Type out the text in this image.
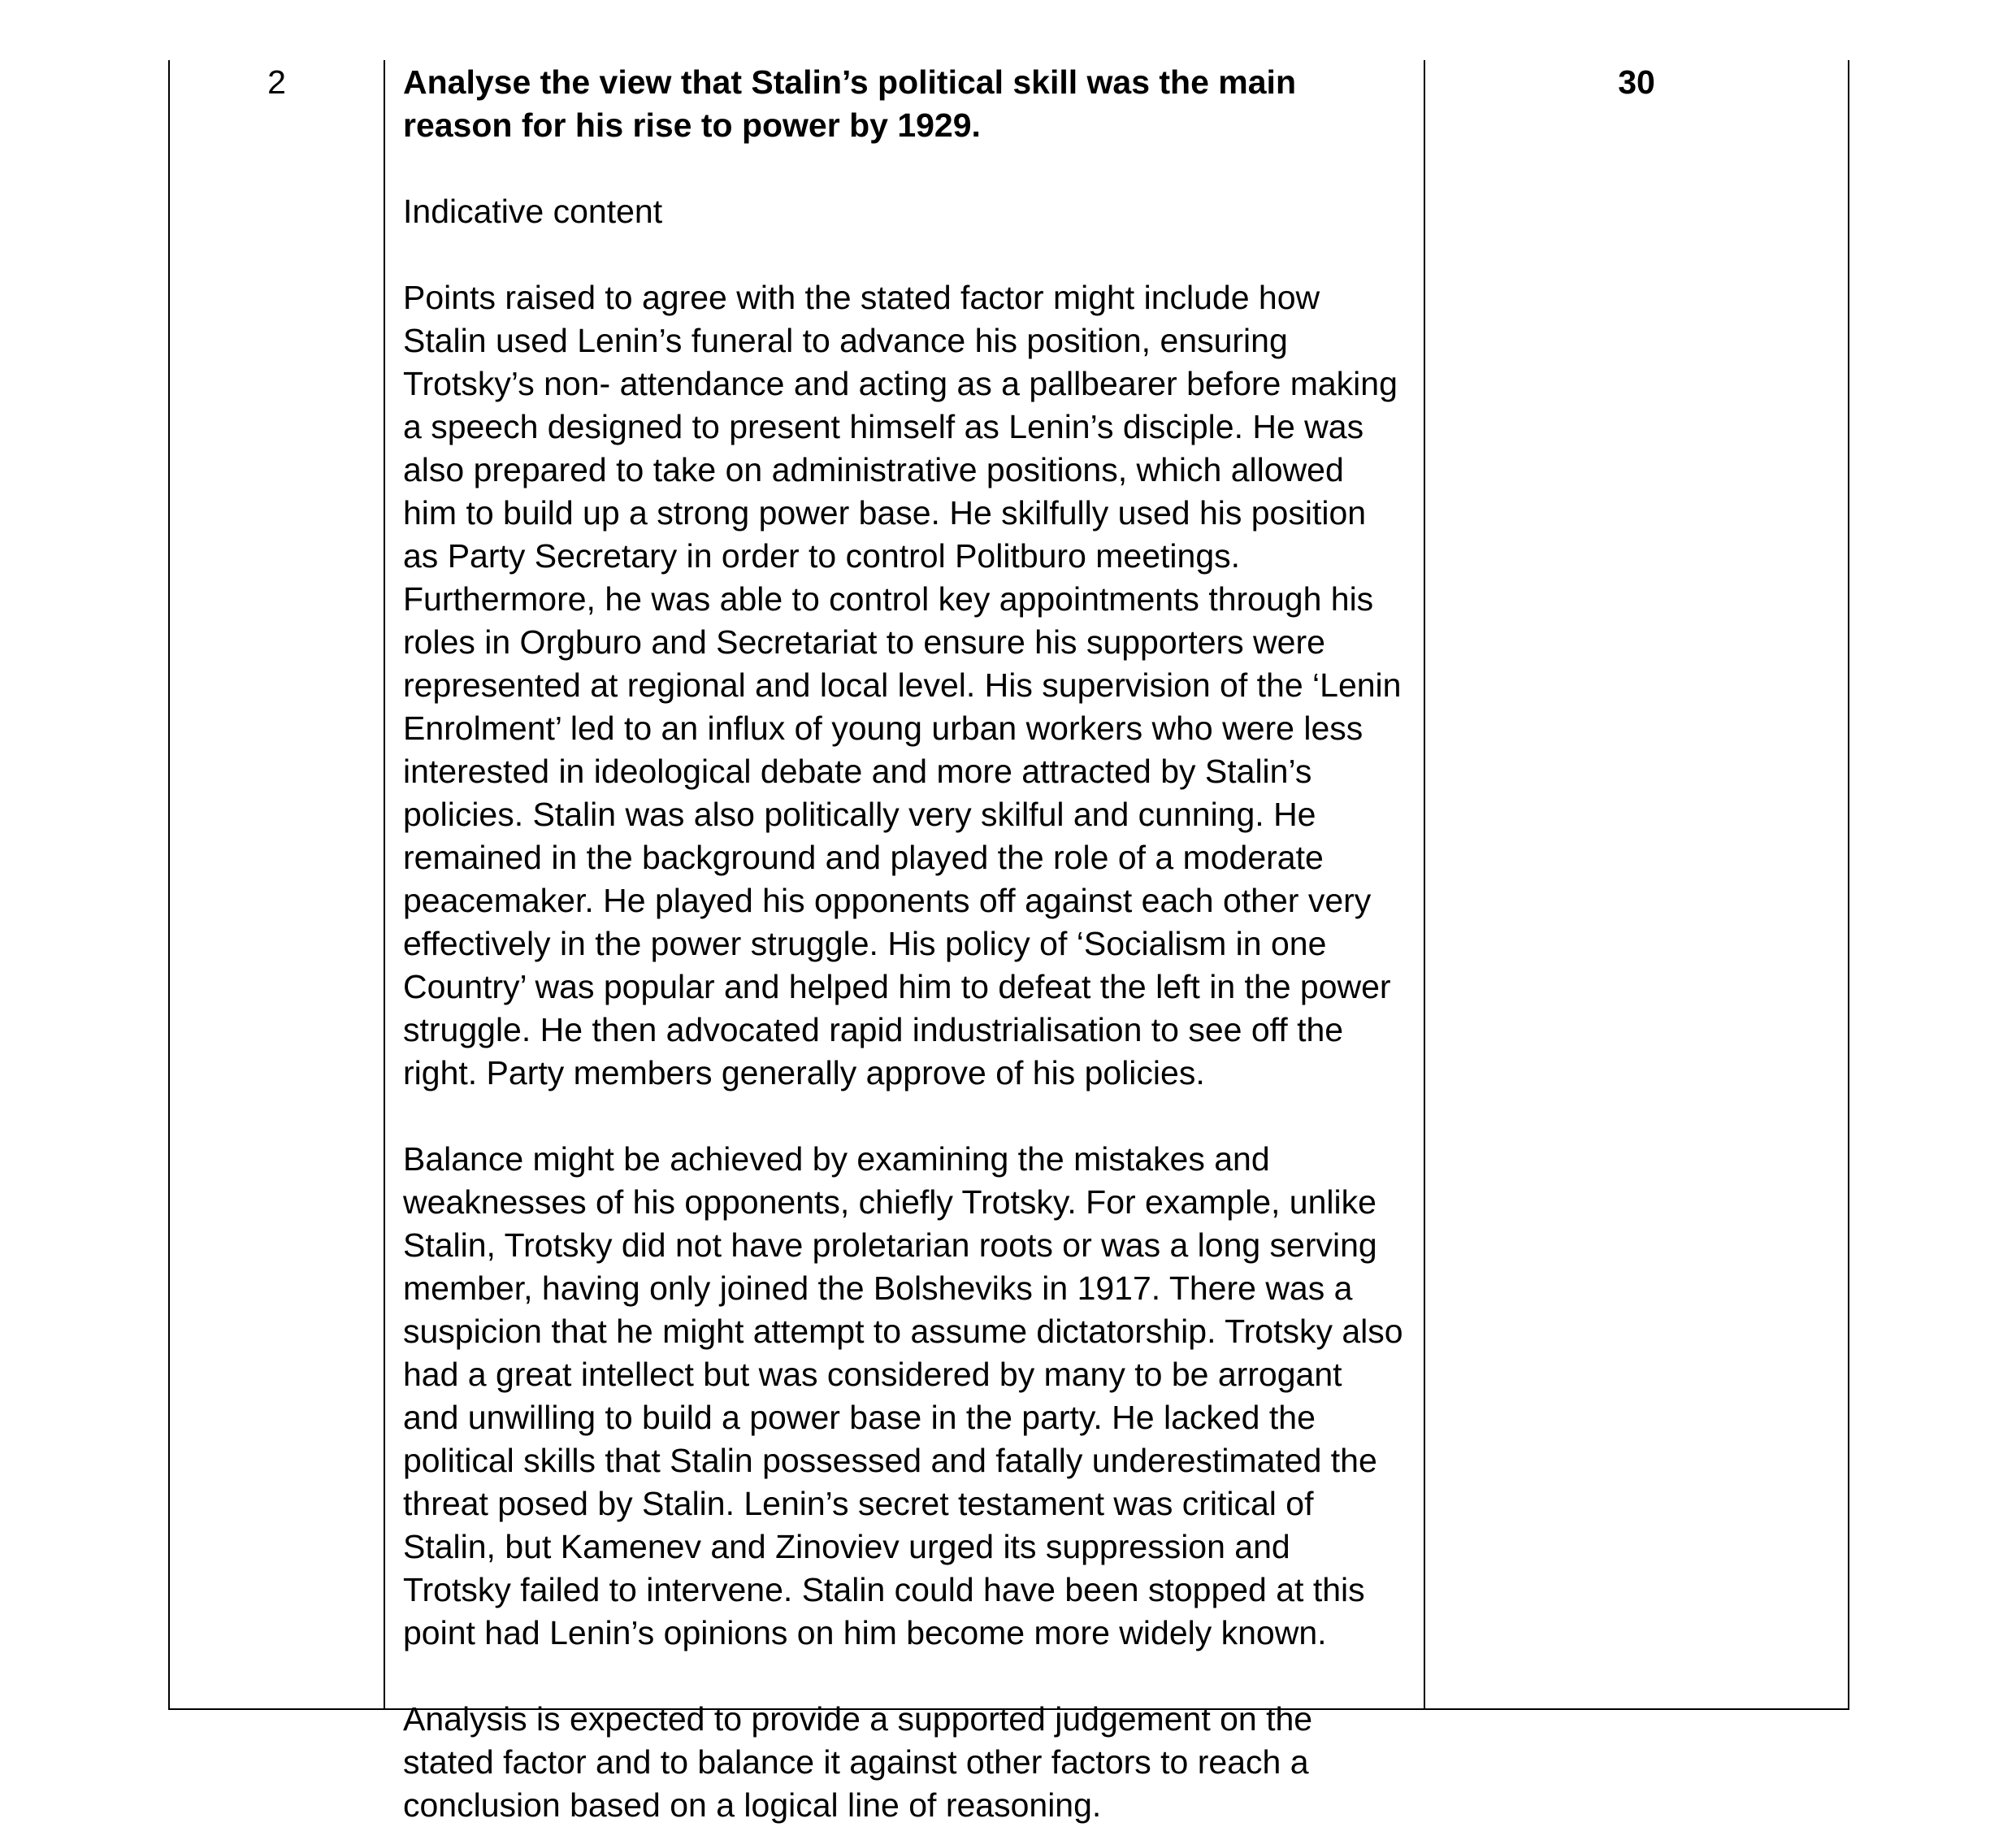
2	Analyse the view that Stalin’s political skill was the main reason for his rise to power by 1929.

Indicative content

Points raised to agree with the stated factor might include how Stalin used Lenin’s funeral to advance his position, ensuring Trotsky’s non- attendance and acting as a pallbearer before making a speech designed to present himself as Lenin’s disciple. He was also prepared to take on administrative positions, which allowed him to build up a strong power base. He skilfully used his position as Party Secretary in order to control Politburo meetings. Furthermore, he was able to control key appointments through his roles in Orgburo and Secretariat to ensure his supporters were represented at regional and local level. His supervision of the ‘Lenin Enrolment’ led to an influx of young urban workers who were less interested in ideological debate and more attracted by Stalin’s policies. Stalin was also politically very skilful and cunning. He remained in the background and played the role of a moderate peacemaker. He played his opponents off against each other very effectively in the power struggle. His policy of ‘Socialism in one Country’ was popular and helped him to defeat the left in the power struggle. He then advocated rapid industrialisation to see off the right. Party members generally approve of his policies.

Balance might be achieved by examining the mistakes and weaknesses of his opponents, chiefly Trotsky. For example, unlike Stalin, Trotsky did not have proletarian roots or was a long serving member, having only joined the Bolsheviks in 1917. There was a suspicion that he might attempt to assume dictatorship. Trotsky also had a great intellect but was considered by many to be arrogant and unwilling to build a power base in the party. He lacked the political skills that Stalin possessed and fatally underestimated the threat posed by Stalin. Lenin’s secret testament was critical of Stalin, but Kamenev and Zinoviev urged its suppression and Trotsky failed to intervene. Stalin could have been stopped at this point had Lenin’s opinions on him become more widely known.

Analysis is expected to provide a supported judgement on the stated factor and to balance it against other factors to reach a conclusion based on a logical line of reasoning.

30
